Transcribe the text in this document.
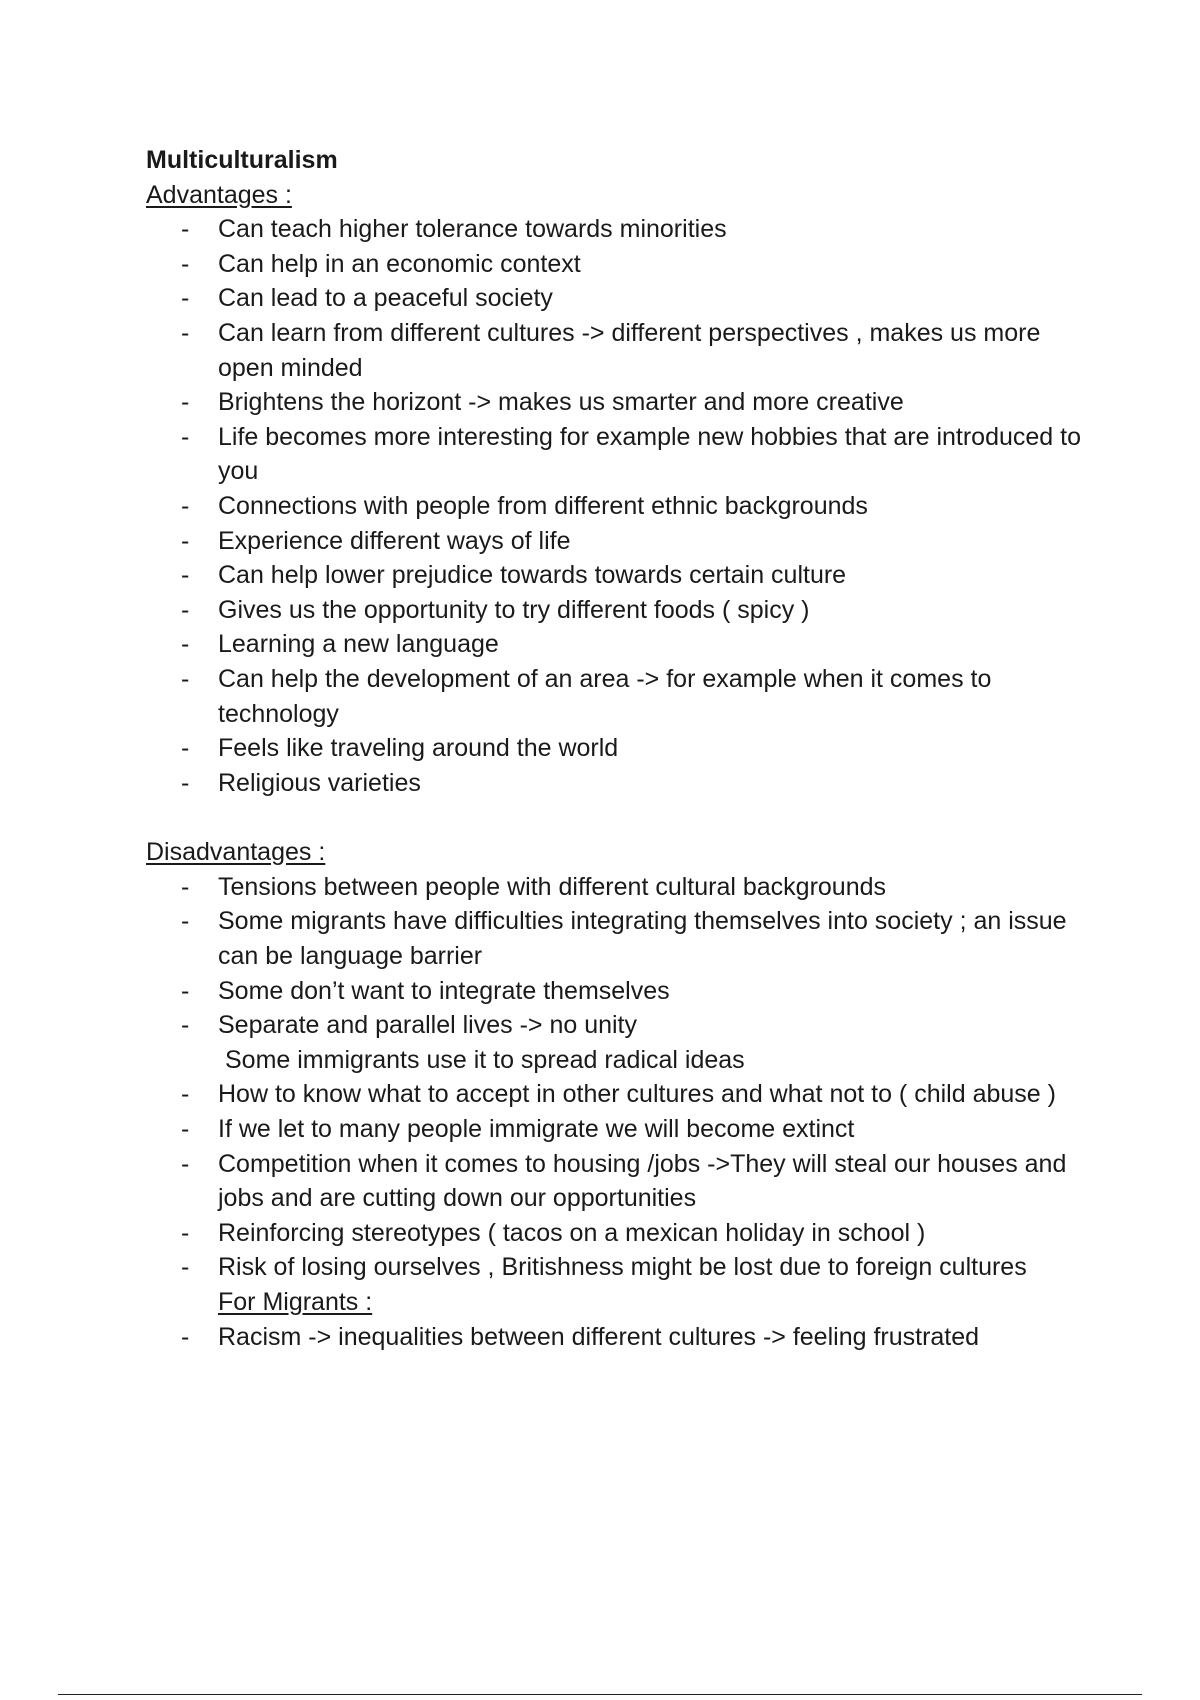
Multiculturalism

Advantages :

- Can teach higher tolerance towards minorities
- Can help in an economic context
- Can lead to a peaceful society
- Can learn from different cultures -> different perspectives , makes us more open minded
- Brightens the horizont -> makes us smarter and more creative
- Life becomes more interesting for example new hobbies that are introduced to you
- Connections with people from different ethnic backgrounds
- Experience different ways of life
- Can help lower prejudice towards towards certain culture
- Gives us the opportunity to try different foods ( spicy )
- Learning a new language
- Can help the development of an area -> for example when it comes to technology
- Feels like traveling around the world
- Religious varieties

Disadvantages :

- Tensions between people with different cultural backgrounds
- Some migrants have difficulties integrating themselves into society ; an issue can be language barrier
- Some don’t want to integrate themselves
- Separate and parallel lives -> no unity

Some immigrants use it to spread radical ideas

- How to know what to accept in other cultures and what not to ( child abuse )
- If we let to many people immigrate we will become extinct
- Competition when it comes to housing /jobs ->They will steal our houses and jobs and are cutting down our opportunities
- Reinforcing stereotypes ( tacos on a mexican holiday in school )
- Risk of losing ourselves , Britishness might be lost due to foreign cultures

For Migrants :

- Racism -> inequalities between different cultures -> feeling frustrated
